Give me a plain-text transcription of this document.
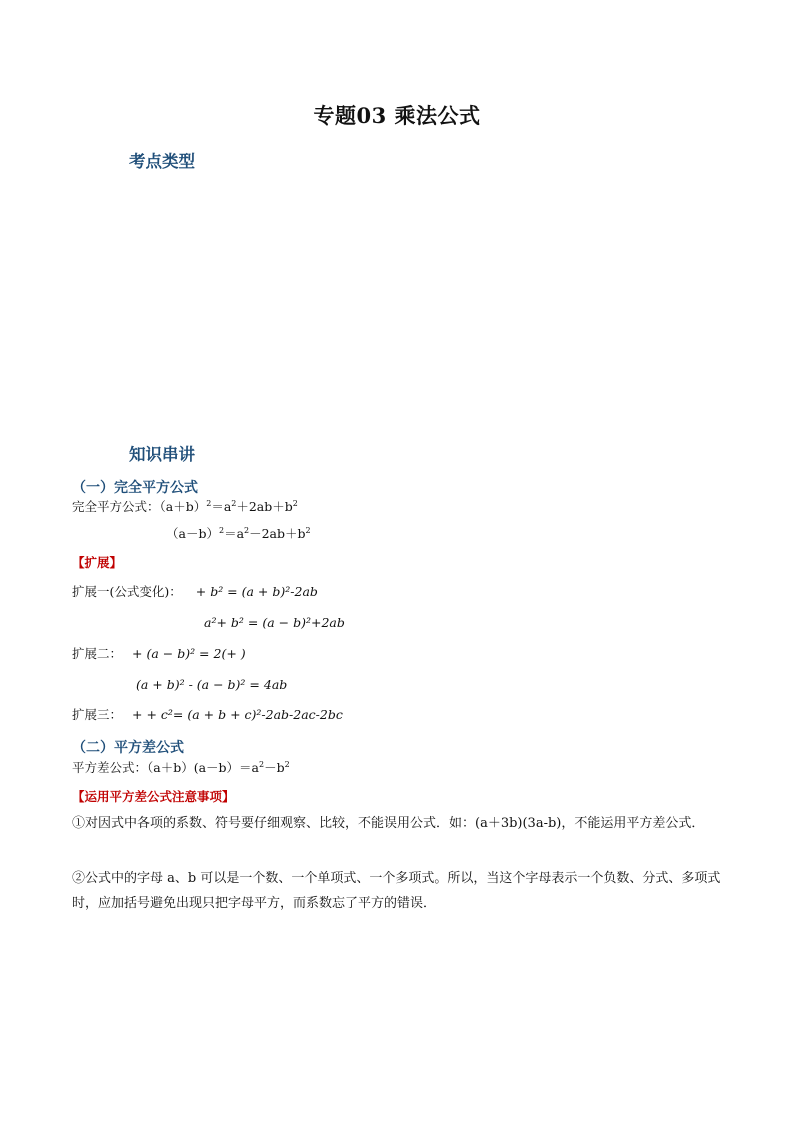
专题03 乘法公式
考点类型
知识串讲
（一）完全平方公式
完全平方公式：$(a+b)^2=a^2+2ab+b^2$
$(a-b)^2=a^2-2ab+b^2$
【扩展】
扩展一(公式变化)： + b² = (a + b)²-2ab
a²+ b² = (a − b)²+2ab
扩展二： + (a − b)² = 2(+ )
(a + b)² - (a − b)² = 4ab
扩展三： + + c²= (a + b + c)²-2ab-2ac-2bc
（二）平方差公式
平方差公式：$(a+b)(a-b)=a^2-b^2$
【运用平方差公式注意事项】
①对因式中各项的系数、符号要仔细观察、比较，不能误用公式．如：(a＋3b)(3a-b)，不能运用平方差公式．
②公式中的字母 a、b 可以是一个数、一个单项式、一个多项式。所以，当这个字母表示一个负数、分式、多项式时，应加括号避免出现只把字母平方，而系数忘了平方的错误．
